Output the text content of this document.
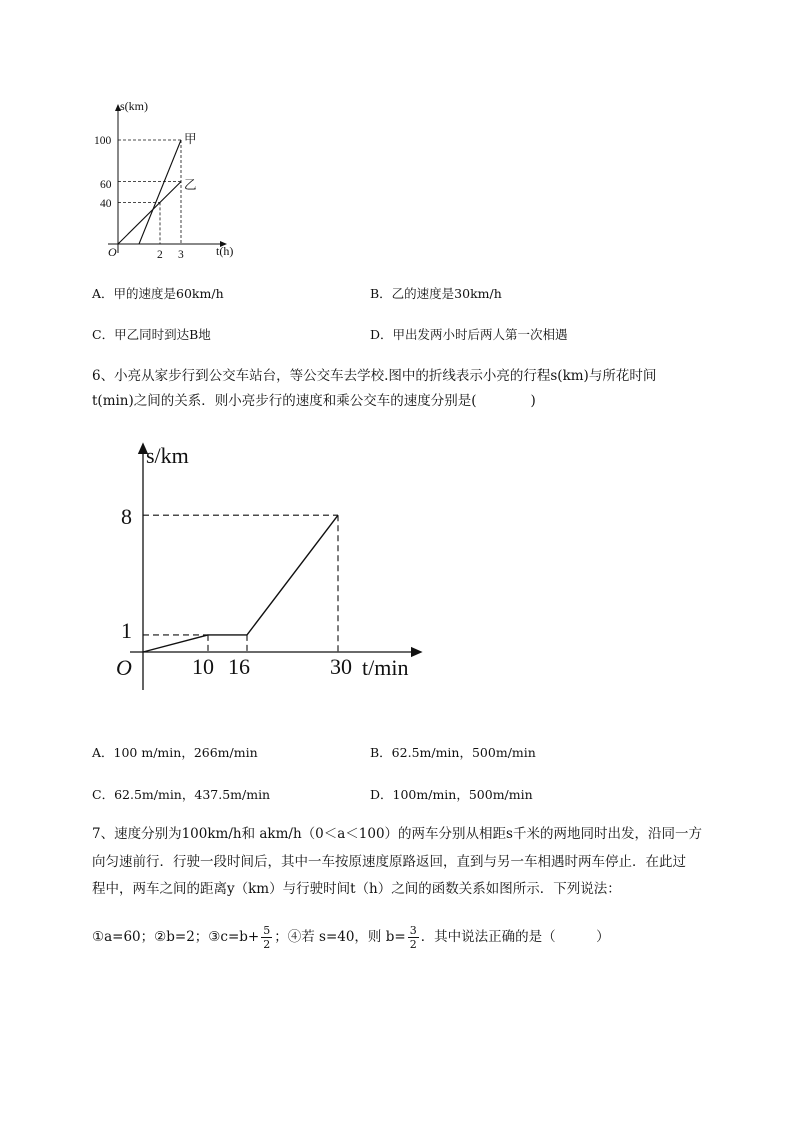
s(km)
t(h)
O
100
60
40
2 3
甲
乙
A．甲的速度是60km/h	B．乙的速度是30km/h
C．甲乙同时到达B地	D．甲出发两小时后两人第一次相遇
6、小亮从家步行到公交车站台，等公交车去学校.图中的折线表示小亮的行程s(km)与所花时间
t(min)之间的关系．则小亮步行的速度和乘公交车的速度分别是(　　　　)
s/km
t/min
O
8
1
10 16	30
A．100 m/min，266m/min	B．62.5m/min，500m/min
C．62.5m/min，437.5m/min	D．100m/min，500m/min
7、速度分别为100km/h和 akm/h（0＜a＜100）的两车分别从相距s千米的两地同时出发，沿同一方
向匀速前行．行驶一段时间后，其中一车按原速度原路返回，直到与另一车相遇时两车停止．在此过
程中，两车之间的距离y（km）与行驶时间t（h）之间的函数关系如图所示．下列说法：
①a=60；②b=2；③c=b+ $\frac{5}{2}$ ；④若 s=40，则 $b= \frac{3}{2}$ ．其中说法正确的是（　　　）
